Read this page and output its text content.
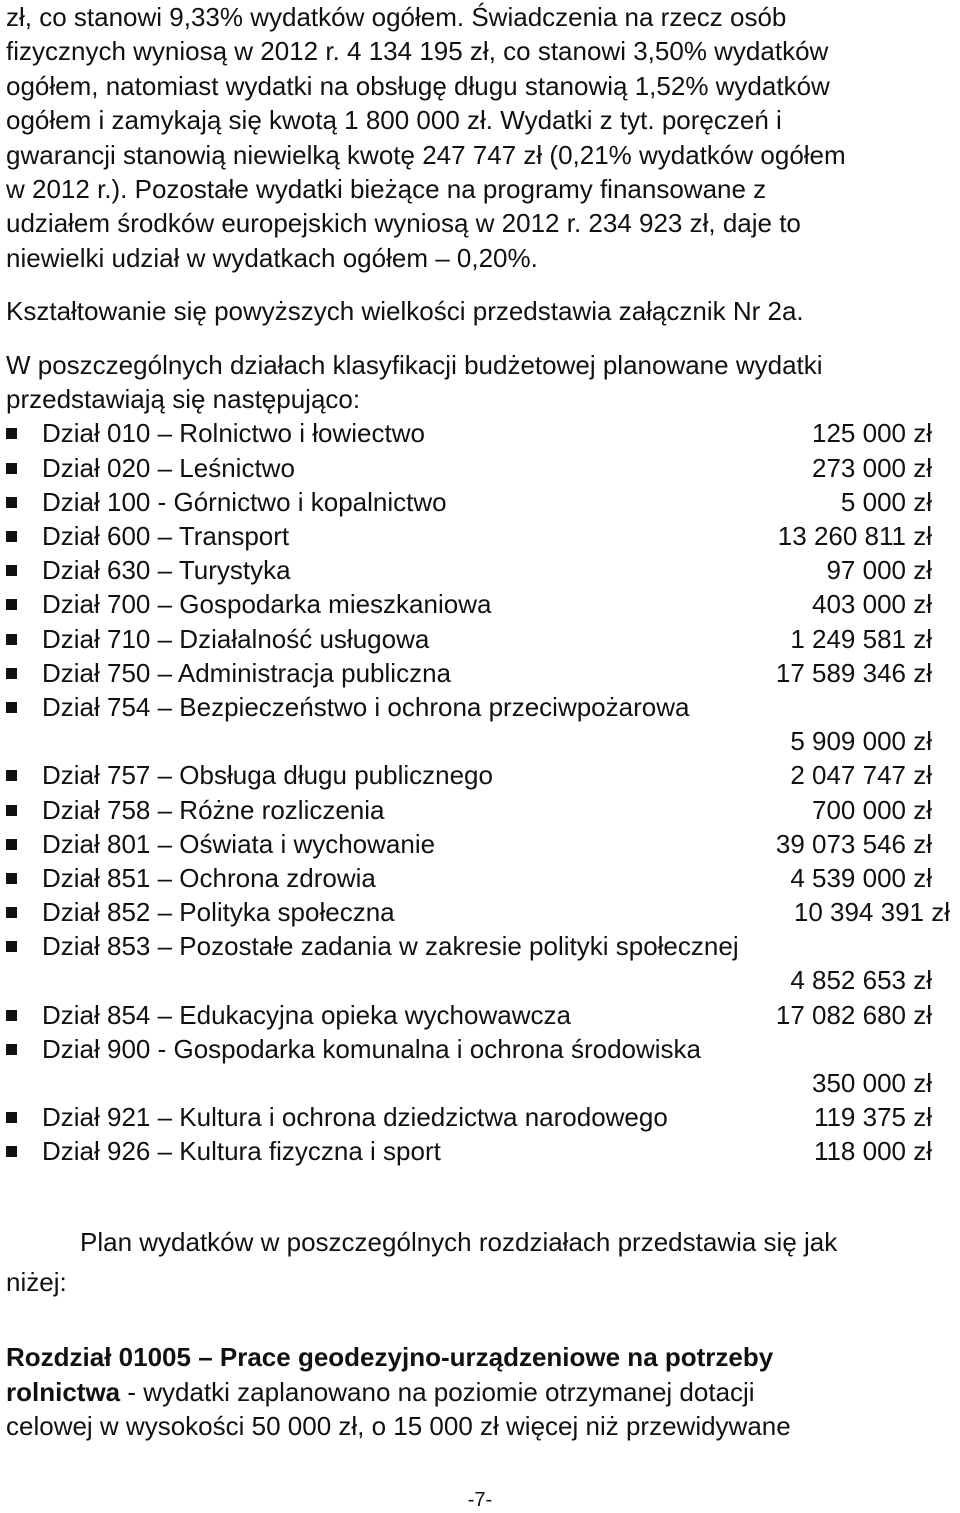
zł, co stanowi 9,33% wydatków ogółem. Świadczenia na rzecz osób
fizycznych wyniosą w 2012 r. 4 134 195 zł, co stanowi 3,50% wydatków
ogółem, natomiast wydatki na obsługę długu stanowią 1,52% wydatków
ogółem i zamykają się kwotą 1 800 000 zł. Wydatki z tyt. poręczeń i
gwarancji stanowią niewielką kwotę 247 747 zł (0,21% wydatków ogółem
w 2012 r.). Pozostałe wydatki bieżące na programy finansowane z
udziałem środków europejskich wyniosą w 2012 r. 234 923 zł, daje to
niewielki udział w wydatkach ogółem – 0,20%.

Kształtowanie się powyższych wielkości przedstawia załącznik Nr 2a.

W poszczególnych działach klasyfikacji budżetowej planowane wydatki
przedstawiają się następująco:
Dział 010 – Rolnictwo i łowiectwo	125 000 zł
Dział 020 – Leśnictwo	273 000 zł
Dział 100 - Górnictwo i kopalnictwo	5 000 zł
Dział 600 – Transport	13 260 811 zł
Dział 630 – Turystyka	97 000 zł
Dział 700 – Gospodarka mieszkaniowa	403 000 zł
Dział 710 – Działalność usługowa	1 249 581 zł
Dział 750 – Administracja publiczna	17 589 346 zł
Dział 754 – Bezpieczeństwo i ochrona przeciwpożarowa
5 909 000 zł
Dział 757 – Obsługa długu publicznego	2 047 747 zł
Dział 758 – Różne rozliczenia	700 000 zł
Dział 801 – Oświata i wychowanie	39 073 546 zł
Dział 851 – Ochrona zdrowia	4 539 000 zł
Dział 852 – Polityka społeczna	10 394 391 zł
Dział 853 – Pozostałe zadania w zakresie polityki społecznej
4 852 653 zł
Dział 854 – Edukacyjna opieka wychowawcza	17 082 680 zł
Dział 900 - Gospodarka komunalna i ochrona środowiska
350 000 zł
Dział 921 – Kultura i ochrona dziedzictwa narodowego	119 375 zł
Dział 926 – Kultura fizyczna i sport	118 000 zł
Plan wydatków w poszczególnych rozdziałach przedstawia się jak
niżej:
Rozdział 01005 – Prace geodezyjno-urządzeniowe na potrzeby
rolnictwa - wydatki zaplanowano na poziomie otrzymanej dotacji
celowej w wysokości 50 000 zł, o 15 000 zł więcej niż przewidywane
-7-
